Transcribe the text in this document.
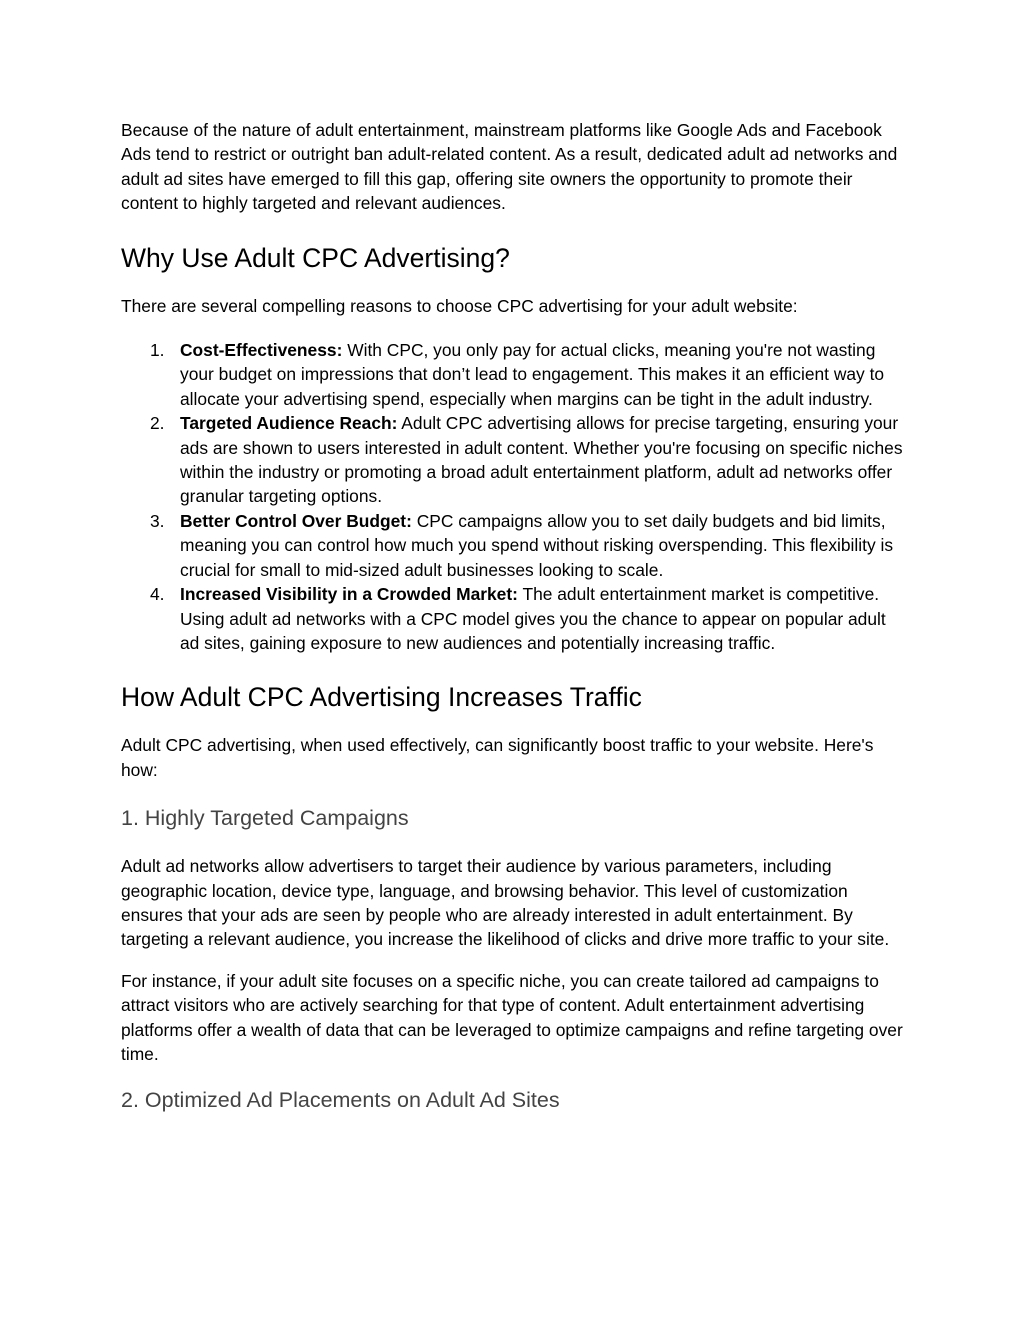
Because of the nature of adult entertainment, mainstream platforms like Google Ads and Facebook Ads tend to restrict or outright ban adult-related content. As a result, dedicated adult ad networks and adult ad sites have emerged to fill this gap, offering site owners the opportunity to promote their content to highly targeted and relevant audiences.

Why Use Adult CPC Advertising?

There are several compelling reasons to choose CPC advertising for your adult website:

1. Cost-Effectiveness: With CPC, you only pay for actual clicks, meaning you're not wasting your budget on impressions that don’t lead to engagement. This makes it an efficient way to allocate your advertising spend, especially when margins can be tight in the adult industry.
2. Targeted Audience Reach: Adult CPC advertising allows for precise targeting, ensuring your ads are shown to users interested in adult content. Whether you're focusing on specific niches within the industry or promoting a broad adult entertainment platform, adult ad networks offer granular targeting options.
3. Better Control Over Budget: CPC campaigns allow you to set daily budgets and bid limits, meaning you can control how much you spend without risking overspending. This flexibility is crucial for small to mid-sized adult businesses looking to scale.
4. Increased Visibility in a Crowded Market: The adult entertainment market is competitive. Using adult ad networks with a CPC model gives you the chance to appear on popular adult ad sites, gaining exposure to new audiences and potentially increasing traffic.
How Adult CPC Advertising Increases Traffic

Adult CPC advertising, when used effectively, can significantly boost traffic to your website. Here's how:

1. Highly Targeted Campaigns

Adult ad networks allow advertisers to target their audience by various parameters, including geographic location, device type, language, and browsing behavior. This level of customization ensures that your ads are seen by people who are already interested in adult entertainment. By targeting a relevant audience, you increase the likelihood of clicks and drive more traffic to your site.

For instance, if your adult site focuses on a specific niche, you can create tailored ad campaigns to attract visitors who are actively searching for that type of content. Adult entertainment advertising platforms offer a wealth of data that can be leveraged to optimize campaigns and refine targeting over time.

2. Optimized Ad Placements on Adult Ad Sites
